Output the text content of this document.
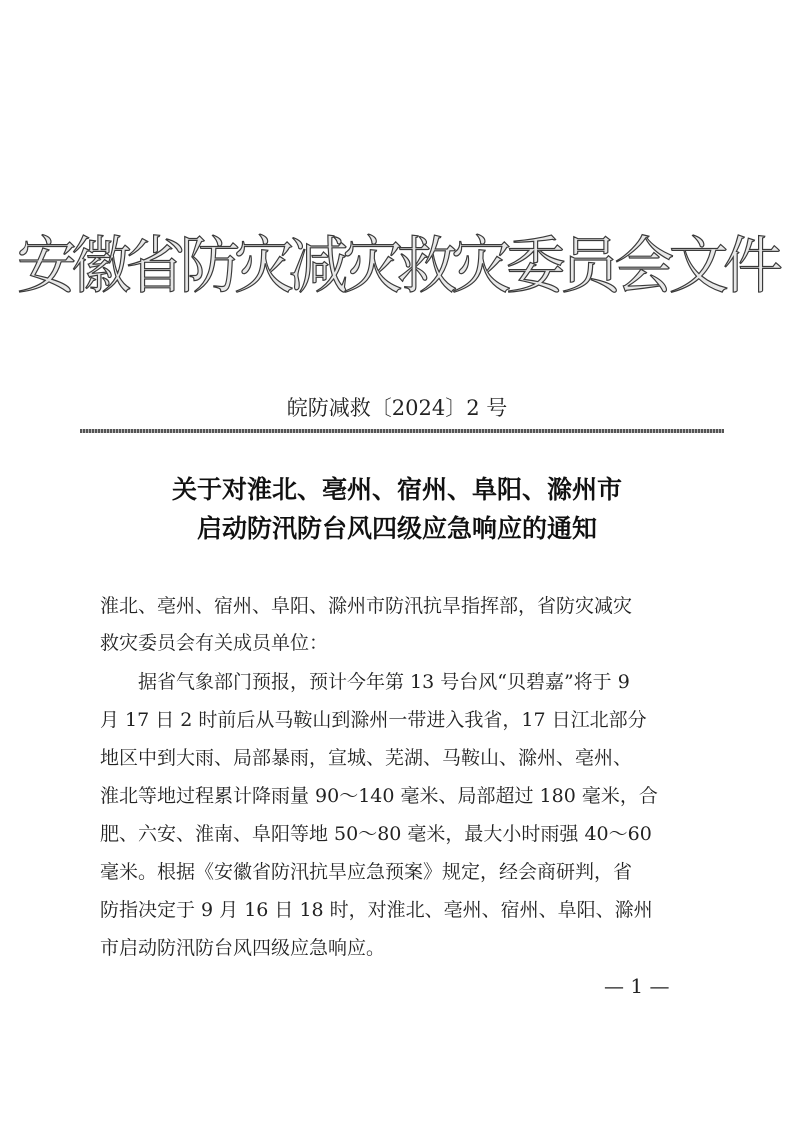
安徽省防灾减灾救灾委员会文件
皖防减救〔2024〕2 号
关于对淮北、亳州、宿州、阜阳、滁州市
启动防汛防台风四级应急响应的通知
淮北、亳州、宿州、阜阳、滁州市防汛抗旱指挥部，省防灾减灾
救灾委员会有关成员单位：
　　据省气象部门预报，预计今年第 13 号台风“贝碧嘉”将于 9
月 17 日 2 时前后从马鞍山到滁州一带进入我省，17 日江北部分
地区中到大雨、局部暴雨，宣城、芜湖、马鞍山、滁州、亳州、
淮北等地过程累计降雨量 90～140 毫米、局部超过 180 毫米，合
肥、六安、淮南、阜阳等地 50～80 毫米，最大小时雨强 40～60
毫米。根据《安徽省防汛抗旱应急预案》规定，经会商研判，省
防指决定于 9 月 16 日 18 时，对淮北、亳州、宿州、阜阳、滁州
市启动防汛防台风四级应急响应。
— 1 —
